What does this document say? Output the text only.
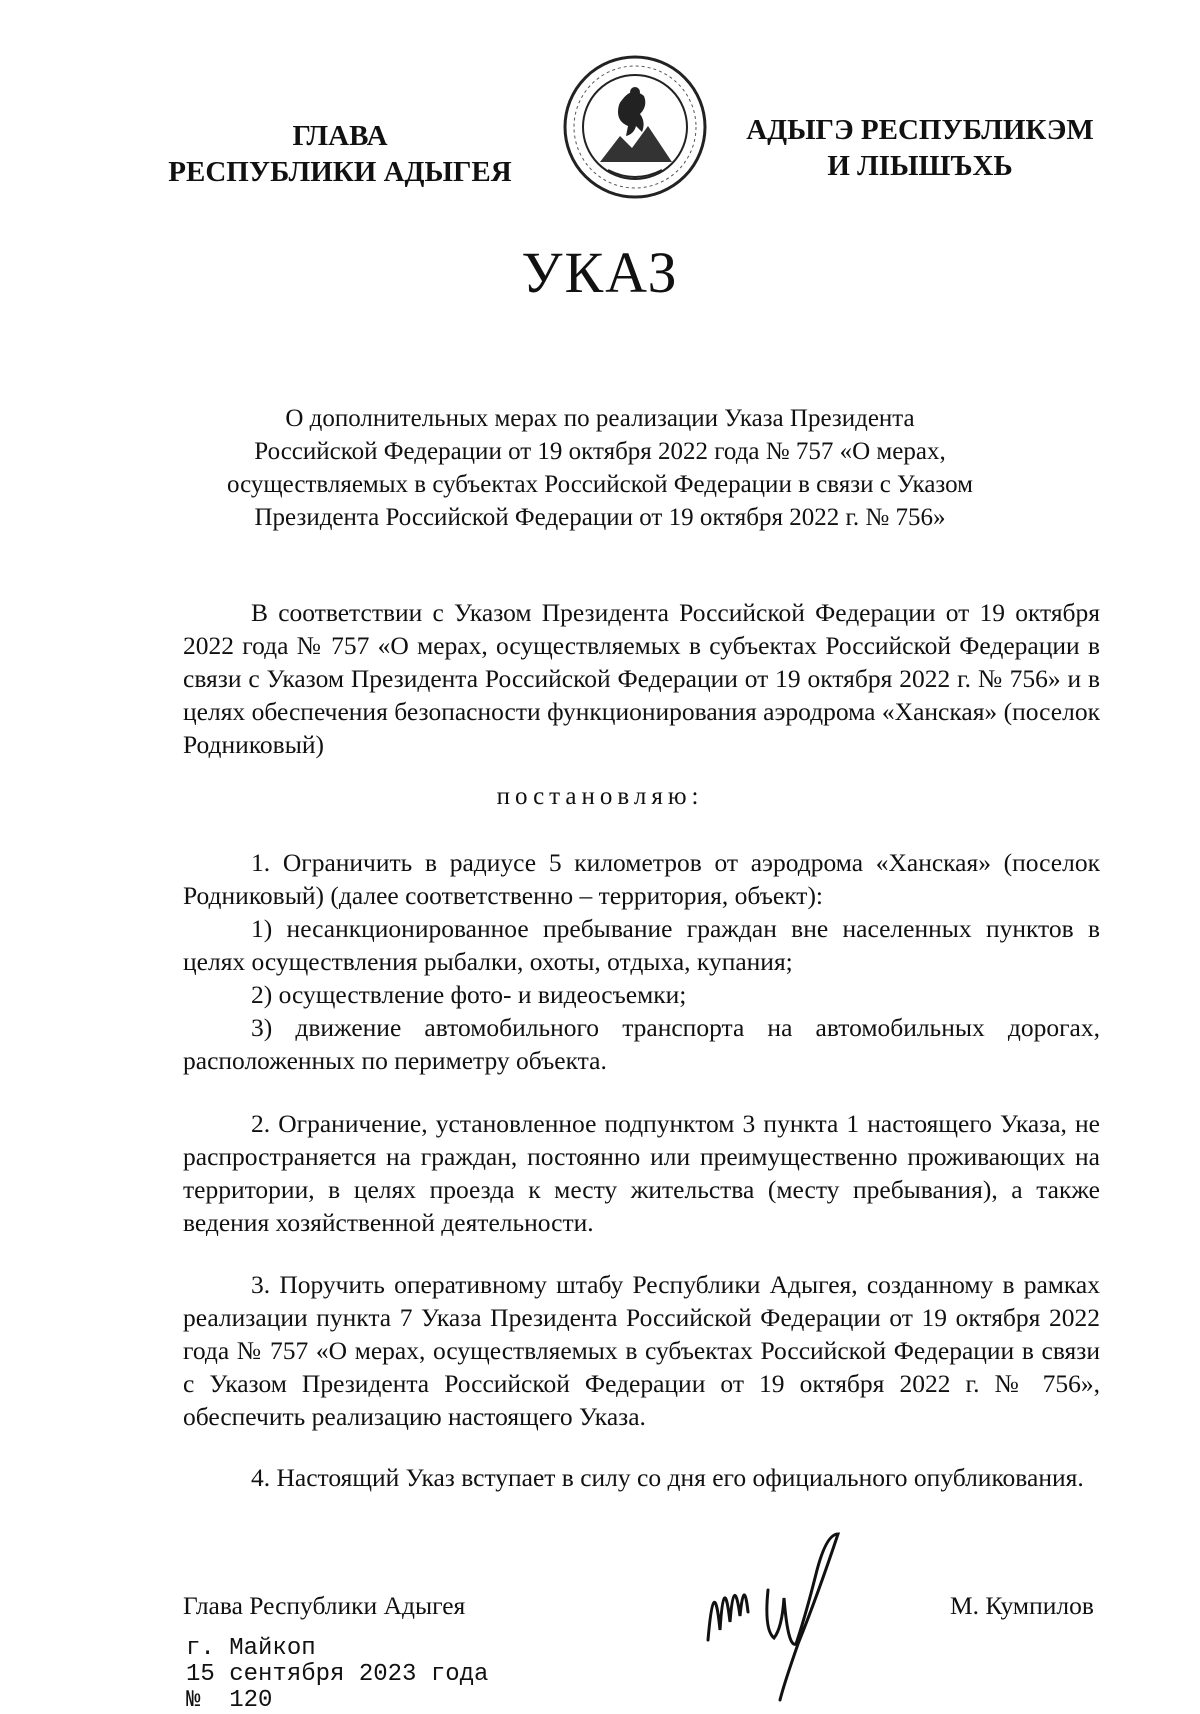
ГЛАВА
РЕСПУБЛИКИ АДЫГЕЯ
АДЫГЭ РЕСПУБЛИКЭМ
И ЛІЫШЪХЬ
УКАЗ
О дополнительных мерах по реализации Указа Президента
Российской Федерации от 19 октября 2022 года № 757 «О мерах,
осуществляемых в субъектах Российской Федерации в связи с Указом
Президента Российской Федерации от 19 октября 2022 г. № 756»
В соответствии с Указом Президента Российской Федерации от 19 октября 2022 года № 757 «О мерах, осуществляемых в субъектах Российской Федерации в связи с Указом Президента Российской Федерации от 19 октября 2022 г. № 756» и в целях обеспечения безопасности функционирования аэродрома «Ханская» (поселок Родниковый)
постановляю:

1. Ограничить в радиусе 5 километров от аэродрома «Ханская» (поселок Родниковый) (далее соответственно – территория, объект):

1) несанкционированное пребывание граждан вне населенных пунктов в целях осуществления рыбалки, охоты, отдыха, купания;

2) осуществление фото- и видеосъемки;

3) движение автомобильного транспорта на автомобильных дорогах, расположенных по периметру объекта.

2. Ограничение, установленное подпунктом 3 пункта 1 настоящего Указа, не распространяется на граждан, постоянно или преимущественно проживающих на территории, в целях проезда к месту жительства (месту пребывания), а также ведения хозяйственной деятельности.
3. Поручить оперативному штабу Республики Адыгея, созданному в рамках реализации пункта 7 Указа Президента Российской Федерации от 19 октября 2022 года № 757 «О мерах, осуществляемых в субъектах Российской Федерации в связи с Указом Президента Российской Федерации от 19 октября 2022 г. № 756», обеспечить реализацию настоящего Указа.
4. Настоящий Указ вступает в силу со дня его официального опубликования.
Глава Республики Адыгея	М. Кумпилов
г. Майкоп
15 сентября 2023 года
№  120
